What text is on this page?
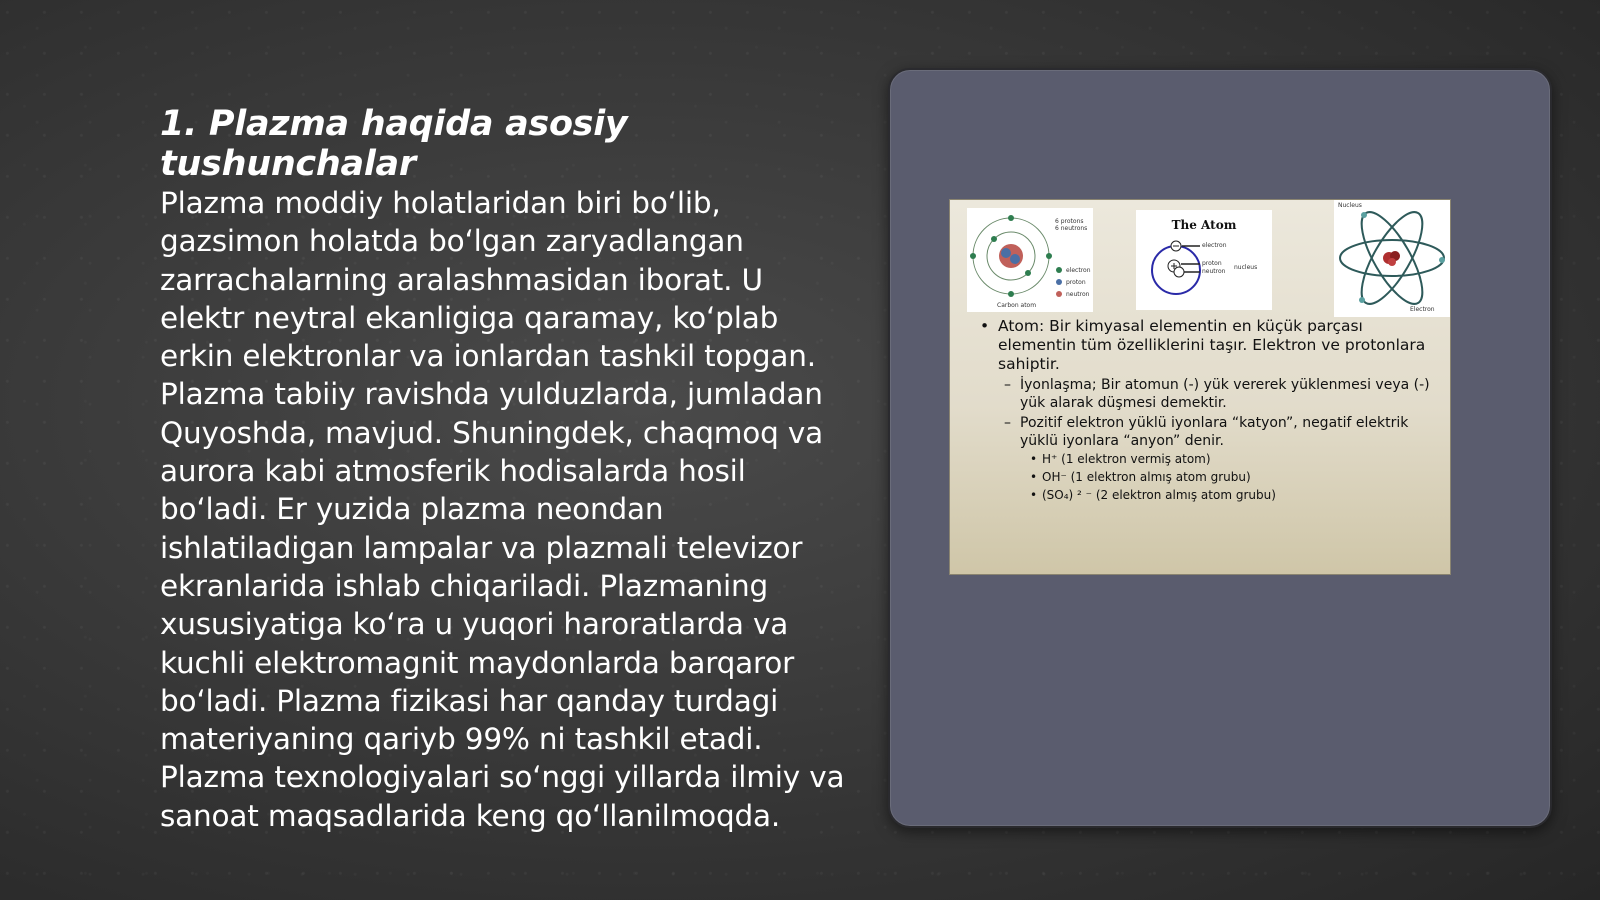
1. Plazma haqida asosiy tushunchalar
Plazma moddiy holatlaridan biri bo‘lib, gazsimon holatda bo‘lgan zaryadlangan zarrachalarning aralashmasidan iborat. U elektr neytral ekanligiga qaramay, ko‘plab erkin elektronlar va ionlardan tashkil topgan. Plazma tabiiy ravishda yulduzlarda, jumladan Quyoshda, mavjud. Shuningdek, chaqmoq va aurora kabi atmosferik hodisalarda hosil bo‘ladi. Er yuzida plazma neondan ishlatiladigan lampalar va plazmali televizor ekranlarida ishlab chiqariladi. Plazmaning xususiyatiga ko‘ra u yuqori haroratlarda va kuchli elektromagnit maydonlarda barqaror bo‘ladi. Plazma fizikasi har qanday turdagi materiyaning qariyb 99% ni tashkil etadi. Plazma texnologiyalari so‘nggi yillarda ilmiy va sanoat maqsadlarida keng qo‘llanilmoqda.
6 protons
6 neutrons
electron
proton
neutron
Carbon atom
The Atom
electron
proton
neutron
nucleus
Nucleus
Electron
• Atom: Bir kimyasal elementin en küçük parçası elementin tüm özelliklerini taşır. Elektron ve protonlara sahiptir.
– İyonlaşma; Bir atomun (-) yük vererek yüklenmesi veya (-) yük alarak düşmesi demektir.
– Pozitif elektron yüklü iyonlara “katyon”, negatif elektrik yüklü iyonlara “anyon” denir.
• H⁺ (1 elektron vermiş atom)
• OH⁻ (1 elektron almış atom grubu)
• (SO₄) ² ⁻ (2 elektron almış atom grubu)
